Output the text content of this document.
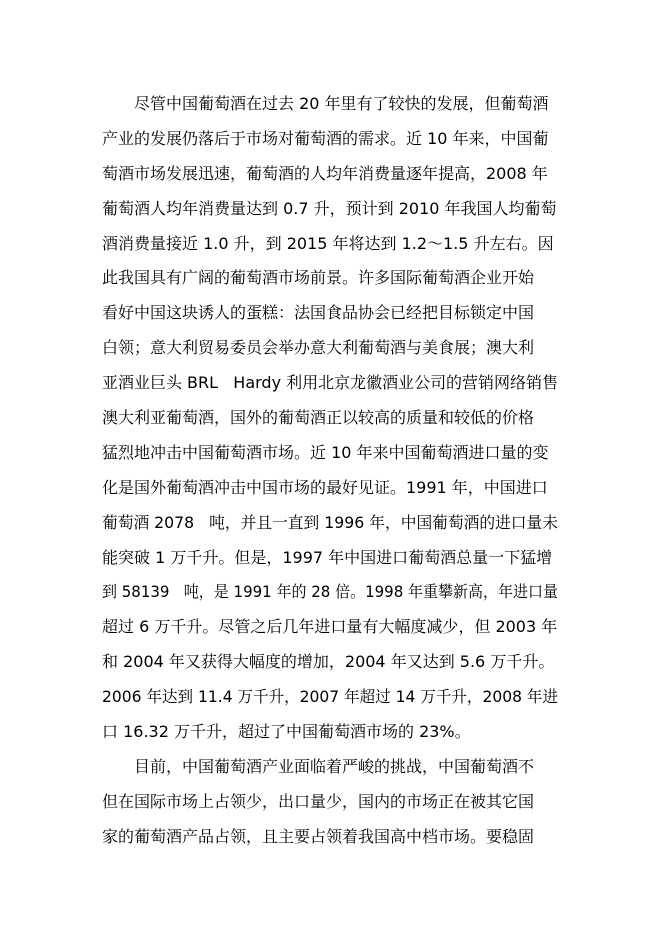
尽管中国葡萄酒在过去 20 年里有了较快的发展，但葡萄酒
产业的发展仍落后于市场对葡萄酒的需求。近 10 年来，中国葡
萄酒市场发展迅速，葡萄酒的人均年消费量逐年提高，2008 年
葡萄酒人均年消费量达到 0.7 升，预计到 2010 年我国人均葡萄
酒消费量接近 1.0 升，到 2015 年将达到 1.2～1.5 升左右。因
此我国具有广阔的葡萄酒市场前景。许多国际葡萄酒企业开始
看好中国这块诱人的蛋糕：法国食品协会已经把目标锁定中国
白领；意大利贸易委员会举办意大利葡萄酒与美食展；澳大利
亚酒业巨头 BRL   Hardy 利用北京龙徽酒业公司的营销网络销售
澳大利亚葡萄酒，国外的葡萄酒正以较高的质量和较低的价格
猛烈地冲击中国葡萄酒市场。近 10 年来中国葡萄酒进口量的变
化是国外葡萄酒冲击中国市场的最好见证。1991 年，中国进口
葡萄酒 2078   吨，并且一直到 1996 年，中国葡萄酒的进口量未
能突破 1 万千升。但是，1997 年中国进口葡萄酒总量一下猛增
到 58139   吨，是 1991 年的 28 倍。1998 年重攀新高，年进口量
超过 6 万千升。尽管之后几年进口量有大幅度减少，但 2003 年
和 2004 年又获得大幅度的增加，2004 年又达到 5.6 万千升。
2006 年达到 11.4 万千升，2007 年超过 14 万千升，2008 年进
口 16.32 万千升，超过了中国葡萄酒市场的 23%。
目前，中国葡萄酒产业面临着严峻的挑战，中国葡萄酒不
但在国际市场上占领少，出口量少，国内的市场正在被其它国
家的葡萄酒产品占领，且主要占领着我国高中档市场。要稳固
